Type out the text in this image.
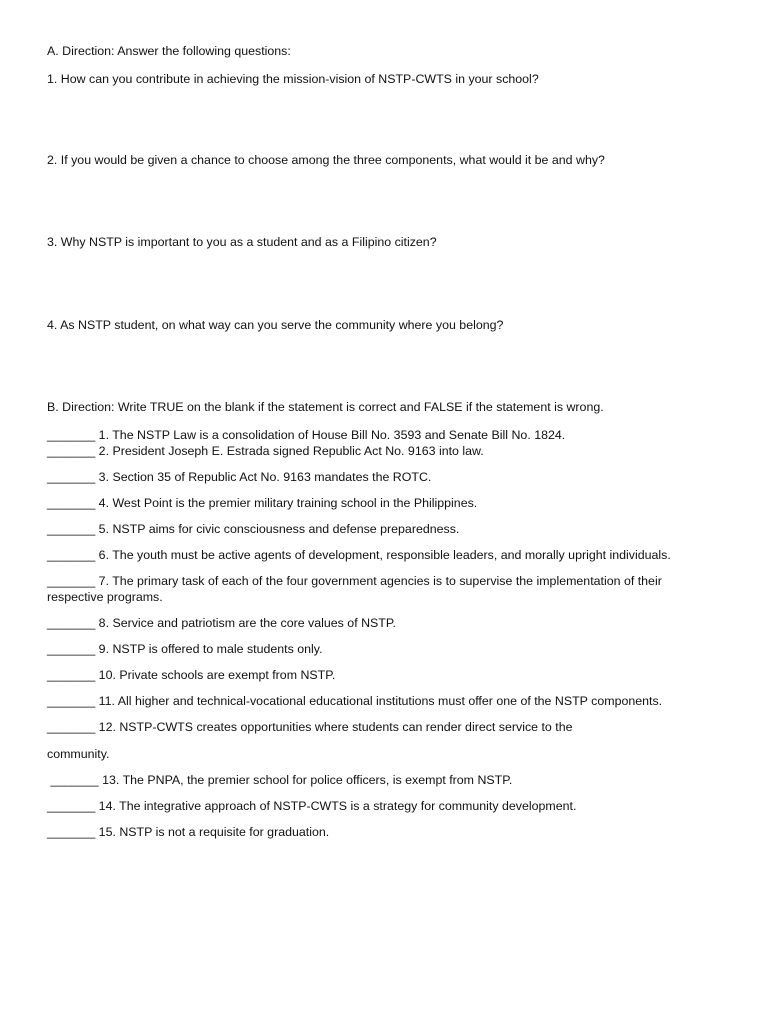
A. Direction: Answer the following questions:
1. How can you contribute in achieving the mission-vision of NSTP-CWTS in your school?
2. If you would be given a chance to choose among the three components, what would it be and why?
3. Why NSTP is important to you as a student and as a Filipino citizen?
4. As NSTP student, on what way can you serve the community where you belong?
B. Direction: Write TRUE on the blank if the statement is correct and FALSE if the statement is wrong.
_______ 1. The NSTP Law is a consolidation of House Bill No. 3593 and Senate Bill No. 1824.
_______ 2. President Joseph E. Estrada signed Republic Act No. 9163 into law.
_______ 3. Section 35 of Republic Act No. 9163 mandates the ROTC.
_______ 4. West Point is the premier military training school in the Philippines.
_______ 5. NSTP aims for civic consciousness and defense preparedness.
_______ 6. The youth must be active agents of development, responsible leaders, and morally upright individuals.
_______ 7. The primary task of each of the four government agencies is to supervise the implementation of their respective programs.
_______ 8. Service and patriotism are the core values of NSTP.
_______ 9. NSTP is offered to male students only.
_______ 10. Private schools are exempt from NSTP.
_______ 11. All higher and technical-vocational educational institutions must offer one of the NSTP components.
_______ 12. NSTP-CWTS creates opportunities where students can render direct service to the
community.
_______ 13. The PNPA, the premier school for police officers, is exempt from NSTP.
_______ 14. The integrative approach of NSTP-CWTS is a strategy for community development.
_______ 15. NSTP is not a requisite for graduation.
